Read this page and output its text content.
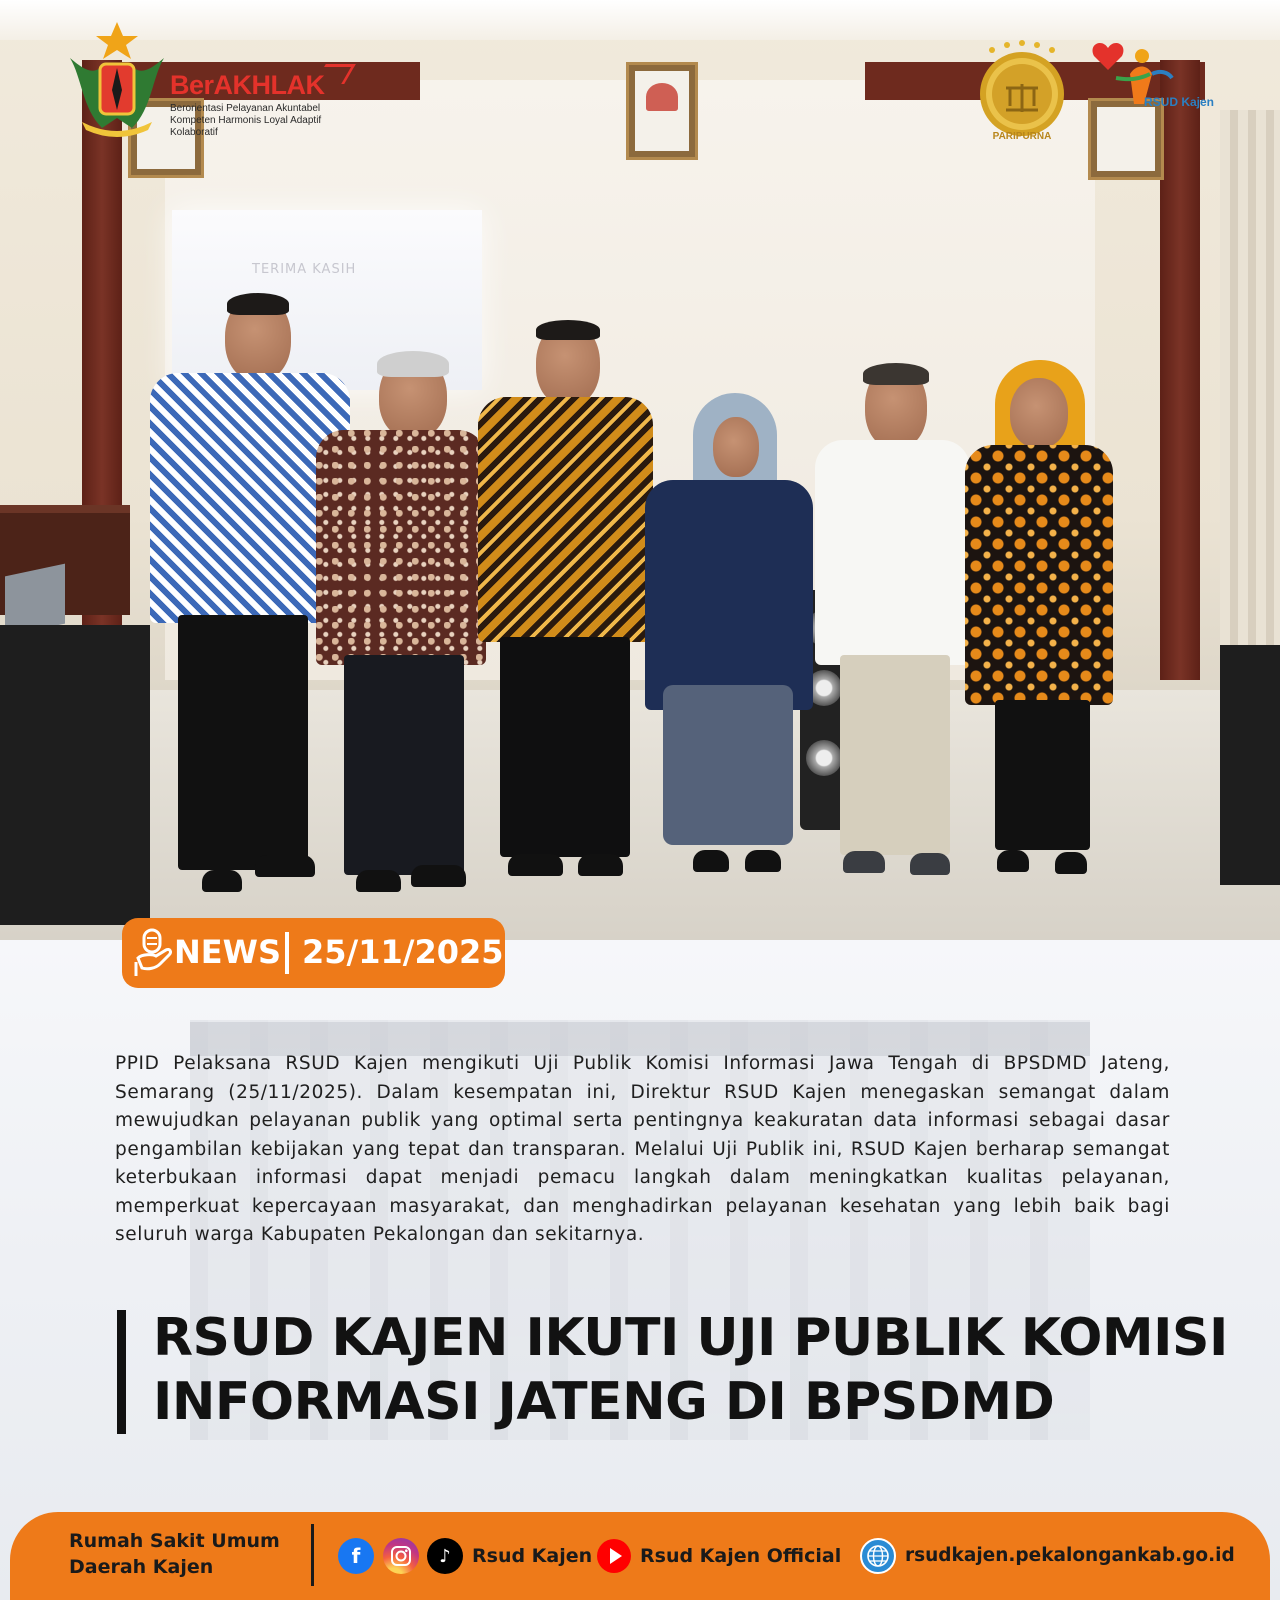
TERIMA KASIH
BerAKHLAK
Berorientasi Pelayanan Akuntabel Kompeten Harmonis Loyal Adaptif Kolaboratif	PARIPURNA
RSUD Kajen
NEWS 25/11/2025

PPID Pelaksana RSUD Kajen mengikuti Uji Publik Komisi Informasi Jawa Tengah di BPSDMD Jateng, Semarang (25/11/2025). Dalam kesempatan ini, Direktur RSUD Kajen menegaskan semangat dalam mewujudkan pelayanan publik yang optimal serta pentingnya keakuratan data informasi sebagai dasar pengambilan kebijakan yang tepat dan transparan. Melalui Uji Publik ini, RSUD Kajen berharap semangat keterbukaan informasi dapat menjadi pemacu langkah dalam meningkatkan kualitas pelayanan, memperkuat kepercayaan masyarakat, dan menghadirkan pelayanan kesehatan yang lebih baik bagi seluruh warga Kabupaten Pekalongan dan sekitarnya.

RSUD KAJEN IKUTI UJI PUBLIK KOMISI
INFORMASI JATENG DI BPSDMD
Rumah Sakit Umum
Daerah Kajen	f	♪	Rsud Kajen	Rsud Kajen Official	rsudkajen.pekalongankab.go.id
